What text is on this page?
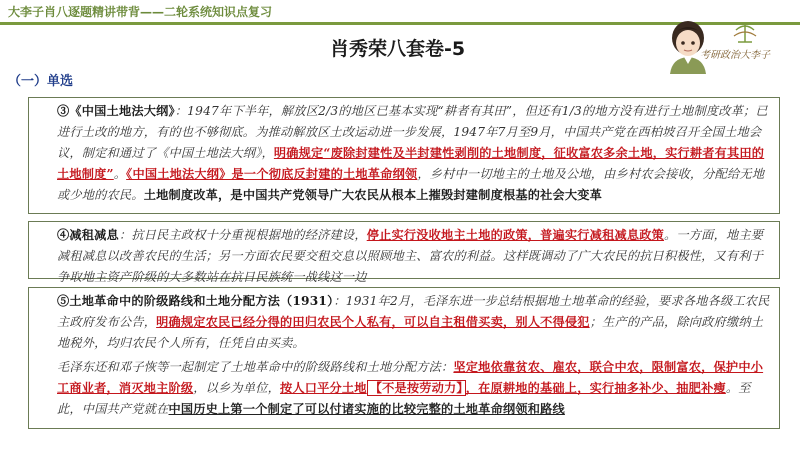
大李子肖八逐题精讲带背——二轮系统知识点复习
肖秀荣八套卷-5
（一）单选
考研政治大李子

③《中国土地法大纲》：1947年下半年，解放区2/3的地区已基本实现“耕者有其田”，但还有1/3的地方没有进行土地制度改革；已进行土改的地方，有的也不够彻底。为推动解放区土改运动进一步发展，1947年7月至9月，中国共产党在西柏坡召开全国土地会议，制定和通过了《中国土地法大纲》，明确规定“废除封建性及半封建性剥削的土地制度，征收富农多余土地，实行耕者有其田的土地制度”。《中国土地法大纲》是一个彻底反封建的土地革命纲领，乡村中一切地主的土地及公地，由乡村农会接收，分配给无地或少地的农民。土地制度改革，是中国共产党领导广大农民从根本上摧毁封建制度根基的社会大变革

④减租减息：抗日民主政权十分重视根据地的经济建设，停止实行没收地主土地的政策，普遍实行减租减息政策。一方面，地主要减租减息以改善农民的生活；另一方面农民要交租交息以照顾地主、富农的利益。这样既调动了广大农民的抗日积极性，又有利于争取地主资产阶级的大多数站在抗日民族统一战线这一边

⑤土地革命中的阶级路线和土地分配方法（1931）：1931年2月，毛泽东进一步总结根据地土地革命的经验，要求各地各级工农民主政府发布公告，明确规定农民已经分得的田归农民个人私有，可以自主租借买卖，别人不得侵犯；生产的产品，除向政府缴纳土地税外，均归农民个人所有，任凭自由买卖。

毛泽东还和邓子恢等一起制定了土地革命中的阶级路线和土地分配方法：坚定地依靠贫农、雇农，联合中农，限制富农，保护中小工商业者，消灭地主阶级，以乡为单位，按人口平分土地 【不是按劳动力】 ，在原耕地的基础上，实行抽多补少、抽肥补瘦。至此，中国共产党就在中国历史上第一个制定了可以付诸实施的比较完整的土地革命纲领和路线
